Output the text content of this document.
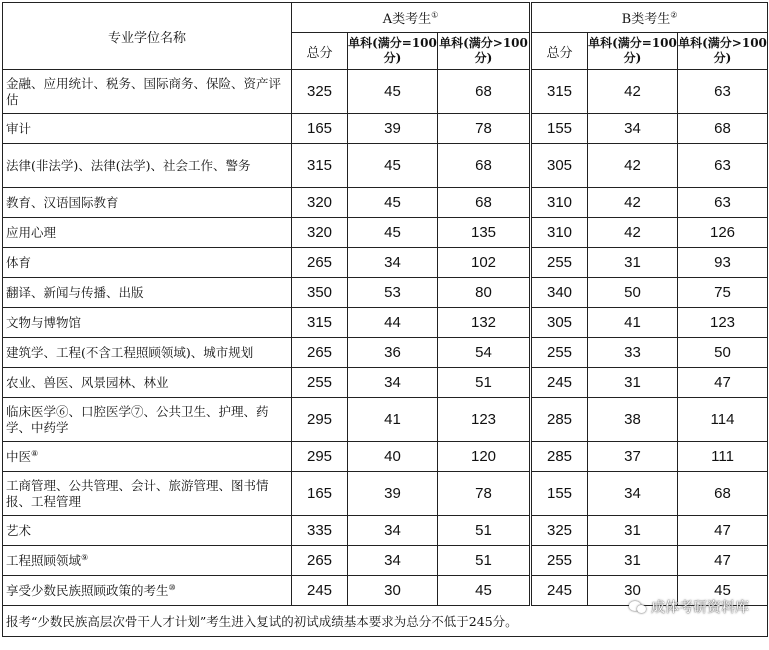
专业学位名称	A类考生①			B类考生②
	总分	单科(满分=100分)	单科(满分>100分)	总分	单科(满分=100分)	单科(满分>100分)
金融、应用统计、税务、国际商务、保险、资产评估	325	45	68	315	42	63
审计	165	39	78	155	34	68
法律(非法学)、法律(法学)、社会工作、警务	315	45	68	305	42	63
教育、汉语国际教育	320	45	68	310	42	63
应用心理	320	45	135	310	42	126
体育	265	34	102	255	31	93
翻译、新闻与传播、出版	350	53	80	340	50	75
文物与博物馆	315	44	132	305	41	123
建筑学、工程(不含工程照顾领域)、城市规划	265	36	54	255	33	50
农业、兽医、风景园林、林业	255	34	51	245	31	47
临床医学⑥、口腔医学⑦、公共卫生、护理、药学、中药学	295	41	123	285	38	114
中医⑧	295	40	120	285	37	111
工商管理、公共管理、会计、旅游管理、图书情报、工程管理	165	39	78	155	34	68
艺术	335	34	51	325	31	47
工程照顾领域⑨	265	34	51	255	31	47
享受少数民族照顾政策的考生⑩	245	30	45	245	30	45
报考“少数民族高层次骨干人才计划”考生进入复试的初试成绩基本要求为总分不低于245分。						
成体考研资料库
